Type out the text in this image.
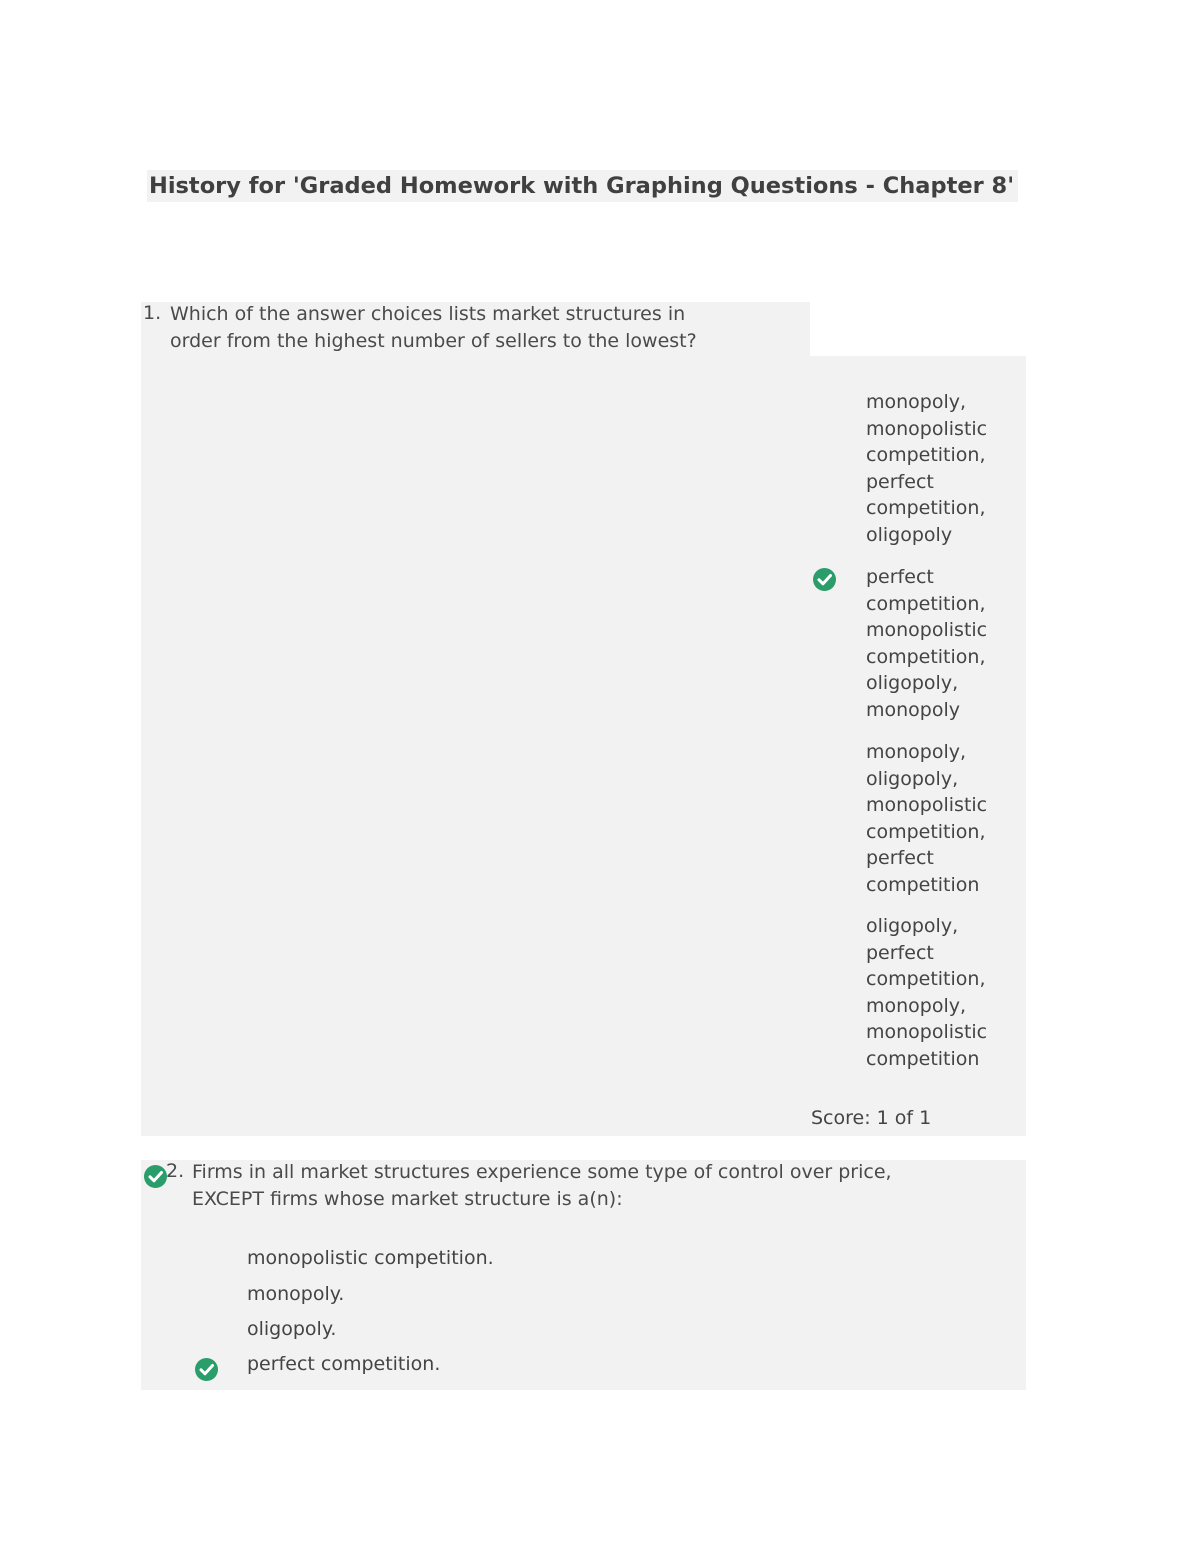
History for 'Graded Homework with Graphing Questions - Chapter 8'
1. Which of the answer choices lists market structures in
order from the highest number of sellers to the lowest?
monopoly,
monopolistic
competition,
perfect
competition,
oligopoly
perfect
competition,
monopolistic
competition,
oligopoly,
monopoly
monopoly,
oligopoly,
monopolistic
competition,
perfect
competition
oligopoly,
perfect
competition,
monopoly,
monopolistic
competition
Score: 1 of 1
2. Firms in all market structures experience some type of control over price,
EXCEPT firms whose market structure is a(n):
monopolistic competition.
monopoly.
oligopoly.
perfect competition.
